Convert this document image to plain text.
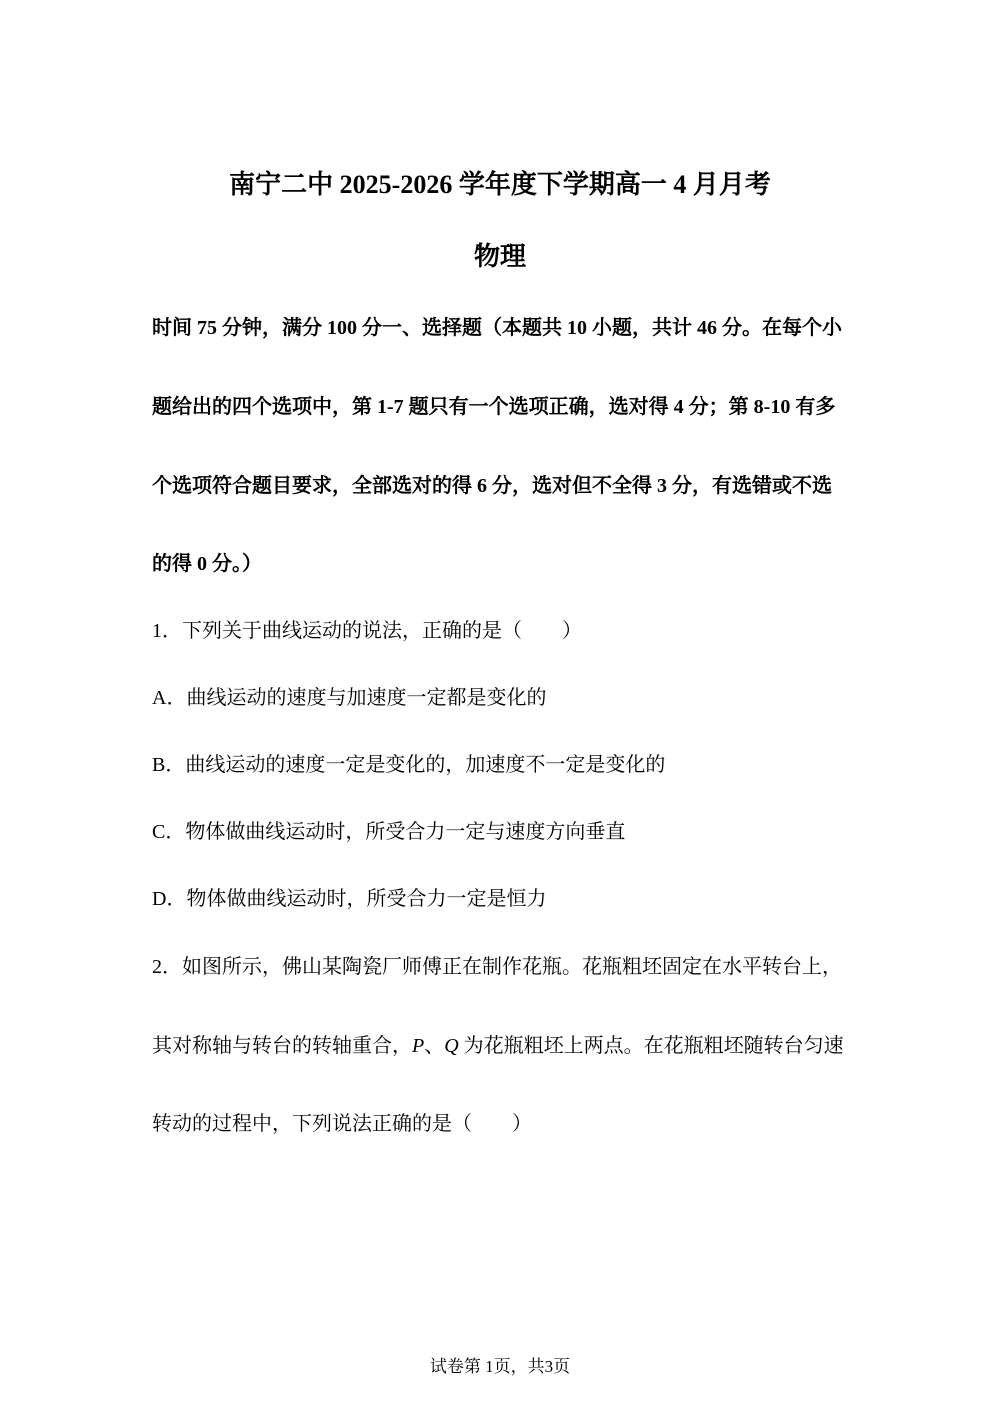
南宁二中 2025-2026 学年度下学期高一 4 月月考
物理
时间 75 分钟，满分 100 分一、选择题（本题共 10 小题，共计 46 分。在每个小
题给出的四个选项中，第 1-7 题只有一个选项正确，选对得 4 分；第 8-10 有多
个选项符合题目要求，全部选对的得 6 分，选对但不全得 3 分，有选错或不选
的得 0 分。）
1．下列关于曲线运动的说法，正确的是（　　）
A．曲线运动的速度与加速度一定都是变化的
B．曲线运动的速度一定是变化的，加速度不一定是变化的
C．物体做曲线运动时，所受合力一定与速度方向垂直
D．物体做曲线运动时，所受合力一定是恒力
2．如图所示，佛山某陶瓷厂师傅正在制作花瓶。花瓶粗坯固定在水平转台上，
其对称轴与转台的转轴重合，P、Q 为花瓶粗坯上两点。在花瓶粗坯随转台匀速
转动的过程中，下列说法正确的是（　　）
试卷第 1页，共3页
